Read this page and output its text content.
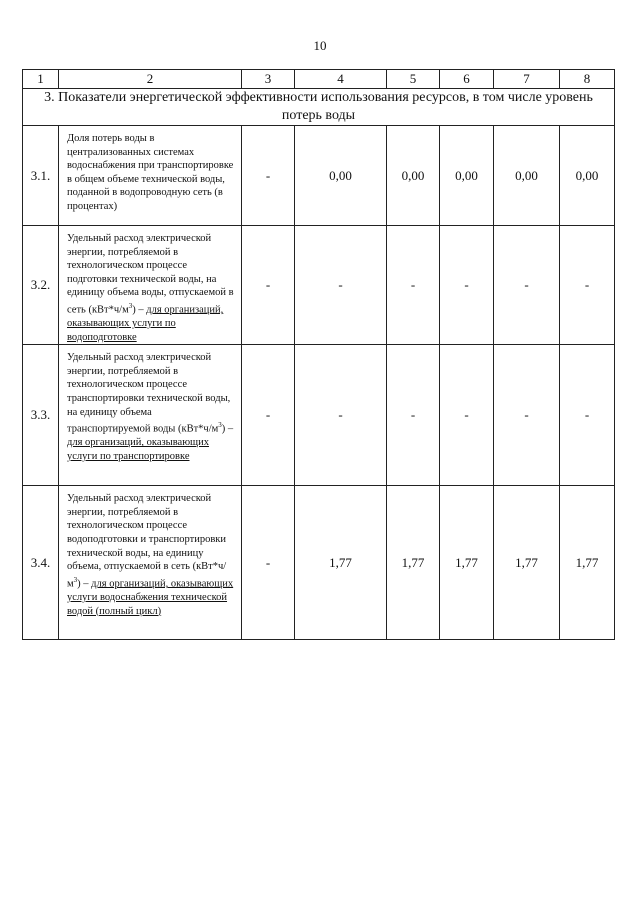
10
1	2	3	4	5	6	7	8
3. Показатели энергетической эффективности использования ресурсов, в том числе уровень потерь воды							
3.1.	Доля потерь воды в централизованных системах водоснабжения при транспортировке в общем объеме технической воды, поданной в водопроводную сеть (в процентах)	-	0,00	0,00	0,00	0,00	0,00
3.2.	Удельный расход электрической энергии, потребляемой в технологическом процессе подготовки технической воды, на единицу объема воды, отпускаемой в сеть $(кВт*ч/м^3)$ – для организаций, оказывающих услуги по водоподготовке	-	-	-	-	-	-
3.3.	Удельный расход электрической энергии, потребляемой в технологическом процессе транспортировки технической воды, на единицу объема транспортируемой воды $(кВт*ч/м^3)$ – для организаций, оказывающих услуги по транспортировке	-	-	-	-	-	-
3.4.	Удельный расход электрической энергии, потребляемой в технологическом процессе водоподготовки и транспортировки технической воды, на единицу объема, отпускаемой в сеть $(кВт*ч/м^3)$ – для организаций, оказывающих услуги водоснабжения технической водой (полный цикл)	-	1,77	1,77	1,77	1,77	1,77
